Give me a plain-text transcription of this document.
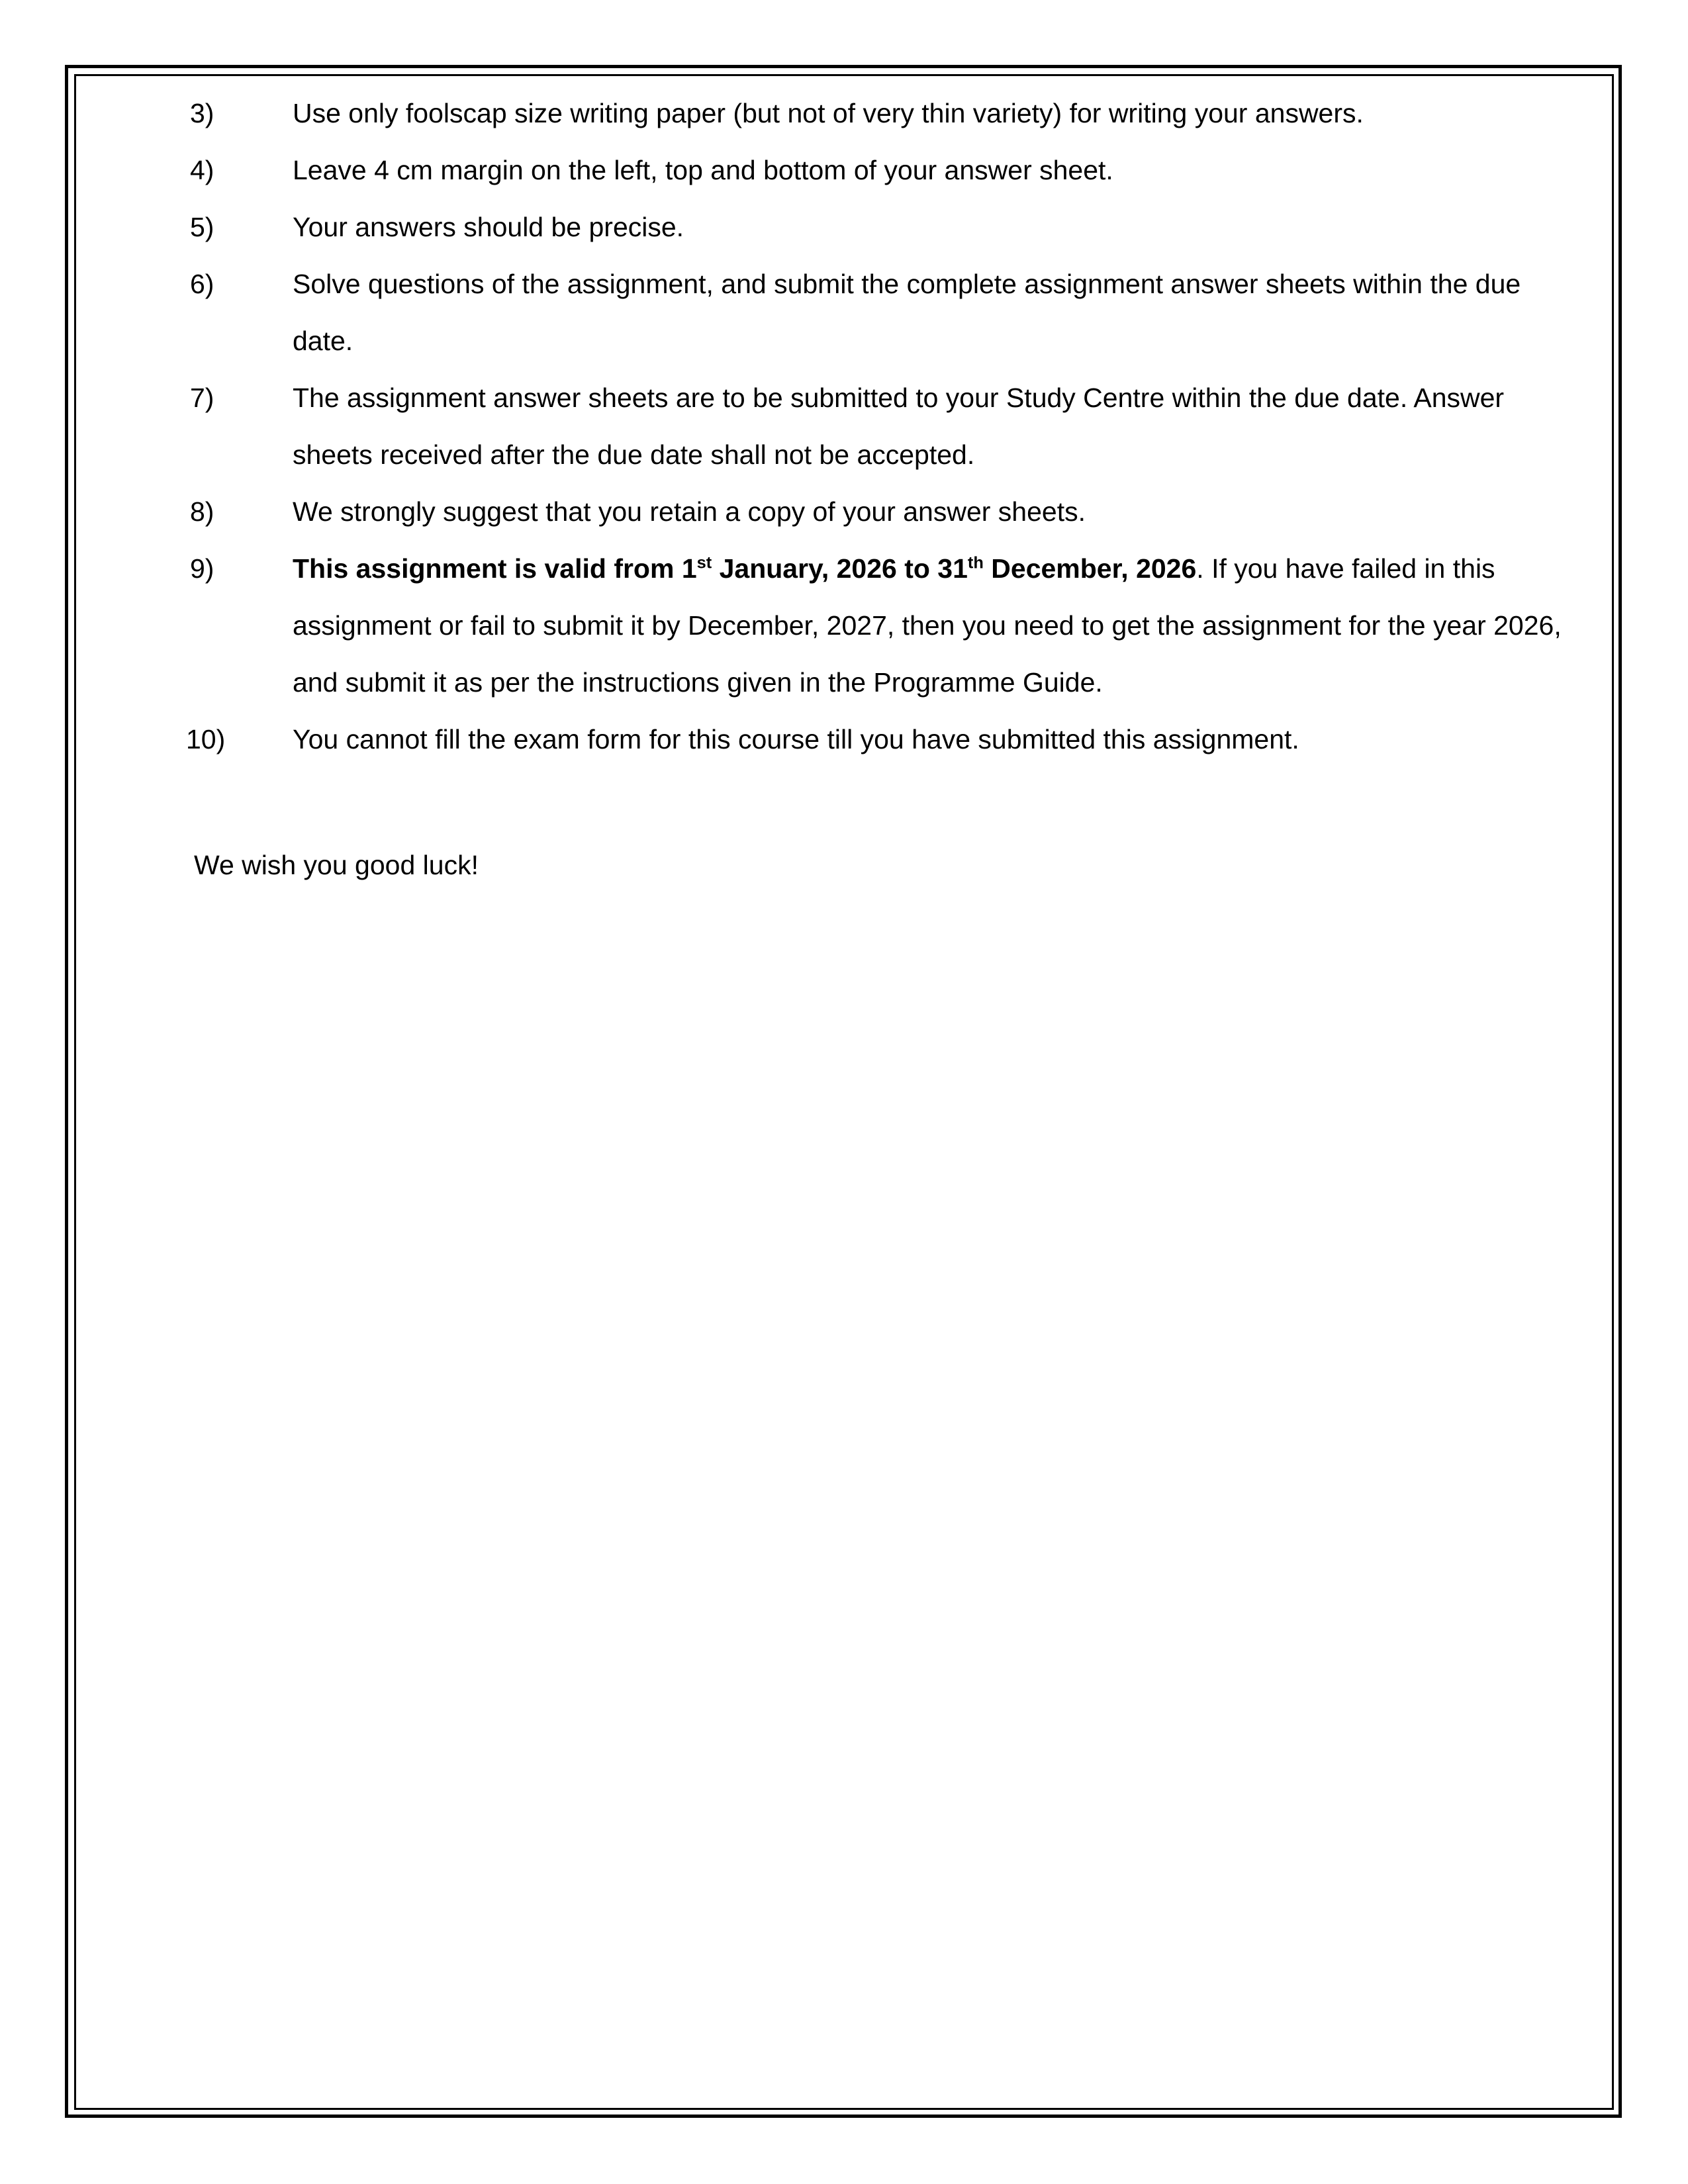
3)	Use only foolscap size writing paper (but not of very thin variety) for writing your answers.
4)	Leave 4 cm margin on the left, top and bottom of your answer sheet.
5)	Your answers should be precise.
6)	Solve questions of the assignment, and submit the complete assignment answer sheets within the due date.
7)	The assignment answer sheets are to be submitted to your Study Centre within the due date. Answer sheets received after the due date shall not be accepted.
8)	We strongly suggest that you retain a copy of your answer sheets.
9)	This assignment is valid from 1st January, 2026 to 31th December, 2026. If you have failed in this assignment or fail to submit it by December, 2027, then you need to get the assignment for the year 2026, and submit it as per the instructions given in the Programme Guide.
10)	You cannot fill the exam form for this course till you have submitted this assignment.
We wish you good luck!
